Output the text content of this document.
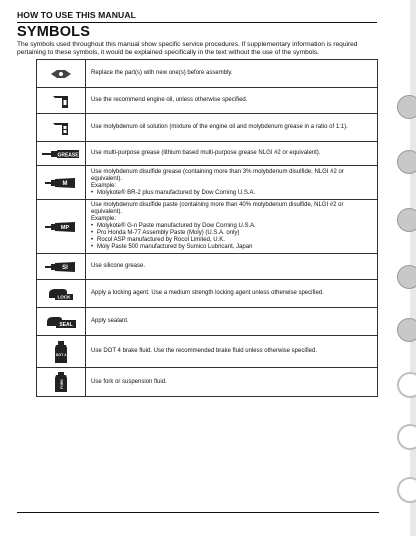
HOW TO USE THIS MANUAL
SYMBOLS
The symbols used throughout this manual show specific service procedures. If supplementary information is required pertaining to these symbols, it would be explained specifically in the text without the use of the symbols.
Replace the part(s) with new one(s) before assembly.
Use the recommend engine oil, unless otherwise specified.
Use molybdenum oil solution (mixture of the engine oil and molybdenum grease in a ratio of 1:1).
GREASE Use multi-purpose grease (lithium based multi-purpose grease NLGI #2 or equivalent).
M
Use molybdenum disulfide grease (containing more than 3% molybdenum disulfide, NLGI #2 or equivalent).
Example:
• Molykote® BR-2 plus manufactured by Dow Corning U.S.A.
MP
Use molybdenum disulfide paste (containing more than 40% molybdenum disulfide, NLGI #2 or equivalent).
Example:
• Molykote® G-n Paste manufactured by Dow Corning U.S.A.
• Pro Honda M-77 Assembly Paste (Moly) (U.S.A. only)
• Rocol ASP manufactured by Rocol Limited, U.K.
• Moly Paste 500 manufactured by Sumico Lubricant, Japan
SI	Use silicone grease.
LOCK
Apply a locking agent. Use a medium strength locking agent unless otherwise specified.
SEAL
Apply sealant.
DOT 4
Use DOT 4 brake fluid. Use the recommended brake fluid unless otherwise specified.
FORK	Use fork or suspension fluid.
